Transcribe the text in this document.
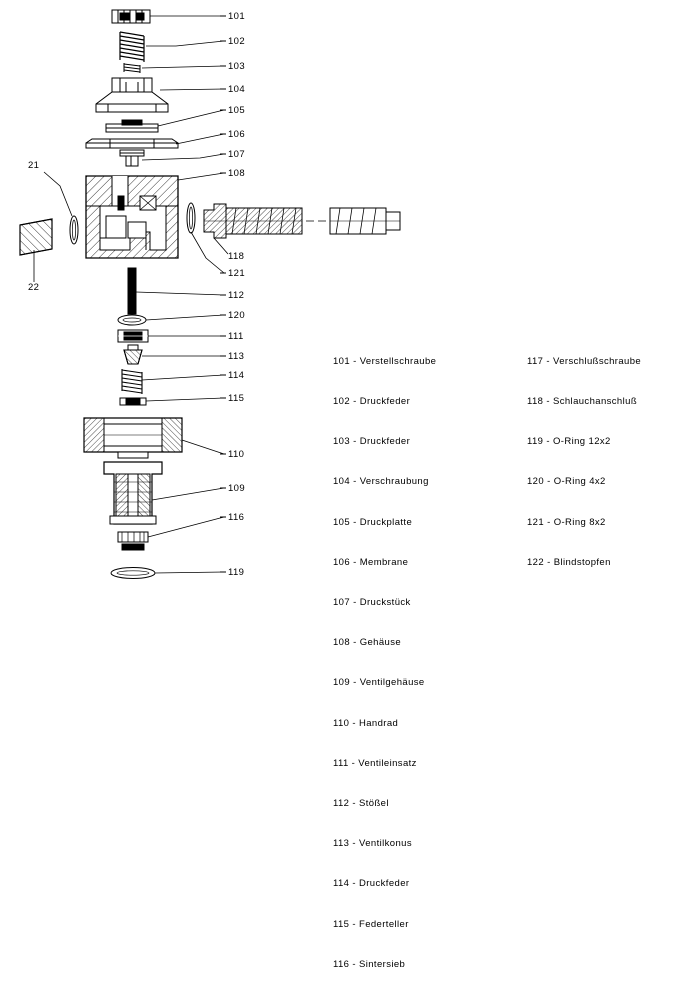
101
102
103
104
105
106
107
108
121
112
120
111
113
114
115
110
109
116
119
118
21
22

101 - Verstellschraube

102 - Druckfeder

103 - Druckfeder

104 - Verschraubung

105 - Druckplatte

106 - Membrane

107 - Druckstück

108 - Gehäuse

109 - Ventilgehäuse

110 - Handrad

111 - Ventileinsatz

112 - Stößel

113 - Ventilkonus

114 - Druckfeder

115 - Federteller

116 - Sintersieb

117 - Verschlußschraube

118 - Schlauchanschluß

119 - O-Ring 12x2

120 - O-Ring 4x2

121 - O-Ring 8x2

122 - Blindstopfen
